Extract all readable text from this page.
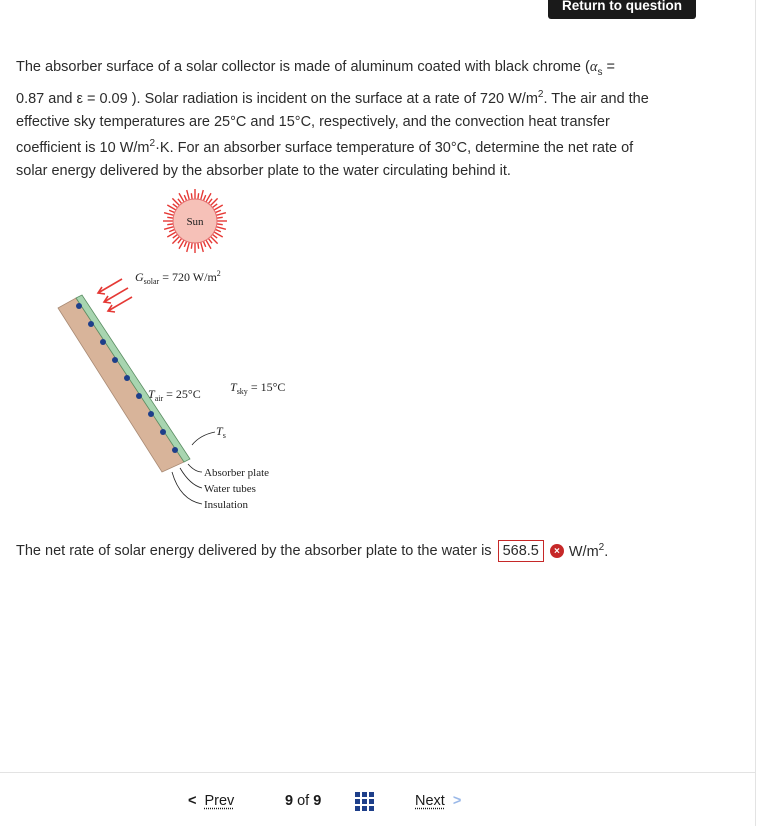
Return to question

The absorber surface of a solar collector is made of aluminum coated with black chrome ($\alpha_s$ =

0.87 and ε = 0.09 ). Solar radiation is incident on the surface at a rate of 720 $W/m^2$. The air and the

effective sky temperatures are 25°C and 15°C, respectively, and the convection heat transfer

coefficient is 10 $W/m^2\cdot K$. For an absorber surface temperature of 30°C, determine the net rate of

solar energy delivered by the absorber plate to the water circulating behind it.

Sun
$G_{solar} = 720$ $W/m^2$
$T_{air} = 25^\circ C$ $T_{sky} = 15^\circ C$
$T_s$
Absorber plate
Water tubes
Insulation
The net rate of solar energy delivered by the absorber plate to the water is 568.5	× $W/m^2$.
< Prev	9 of 9	Next >
